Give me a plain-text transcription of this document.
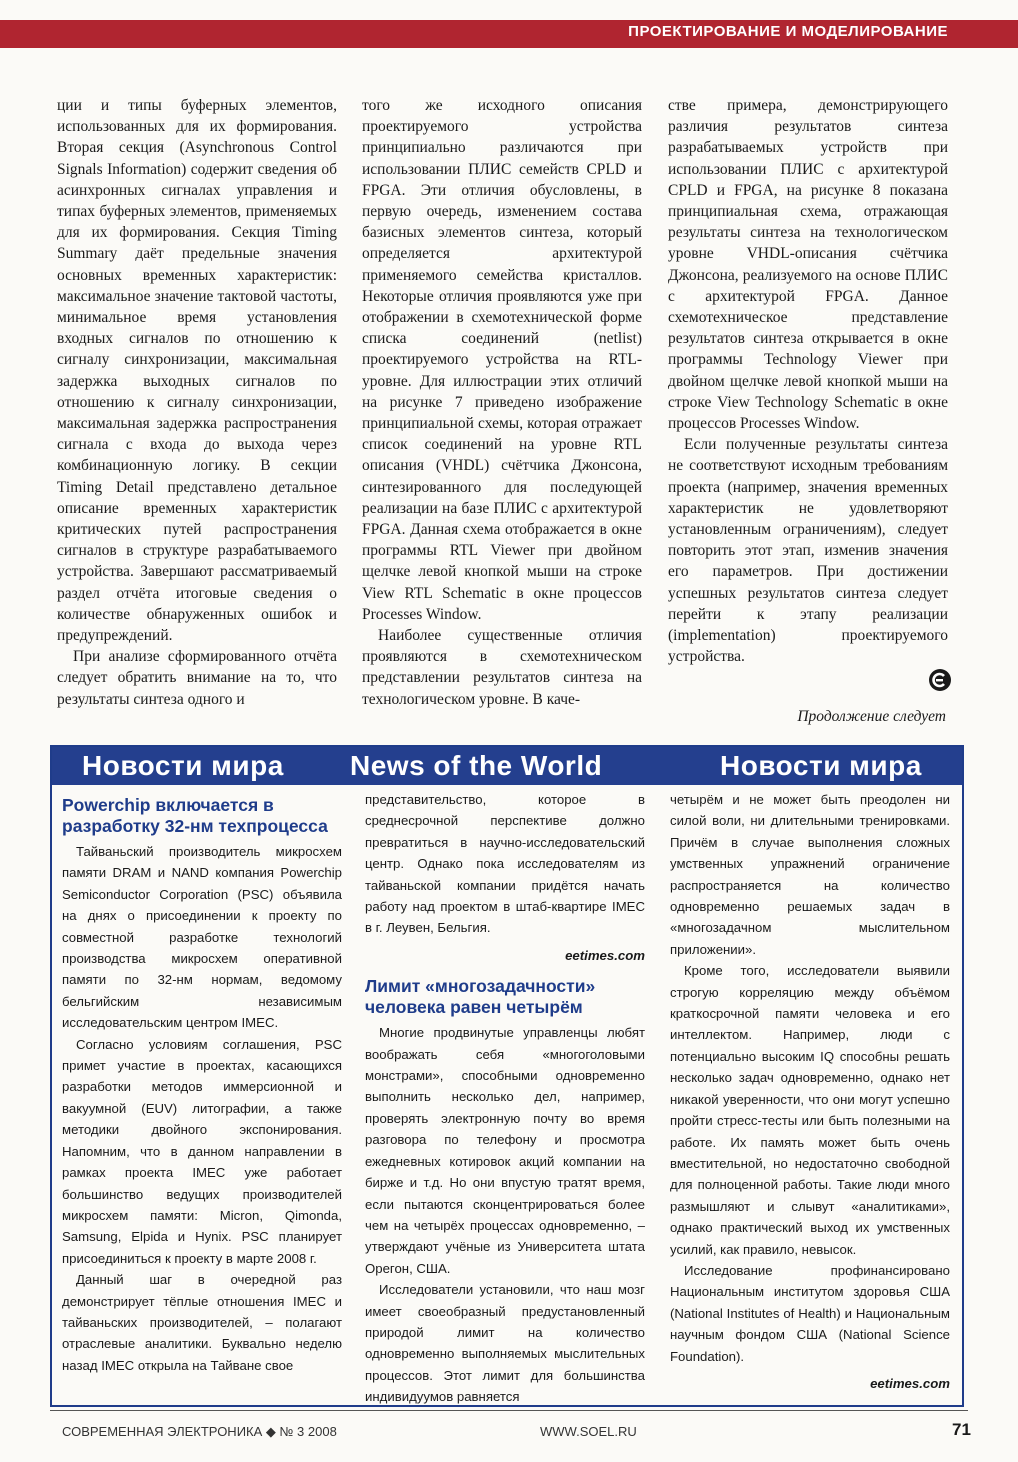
ПРОЕКТИРОВАНИЕ И МОДЕЛИРОВАНИЕ

ции и типы буферных элементов, использованных для их формирования. Вторая секция (Asynchronous Control Signals Information) содержит сведения об асинхронных сигналах управления и типах буферных элементов, применяемых для их формирования. Секция Timing Summary даёт предельные значения основных временных характеристик: максимальное значение тактовой частоты, минимальное время установления входных сигналов по отношению к сигналу синхронизации, максимальная задержка выходных сигналов по отношению к сигналу синхронизации, максимальная задержка распространения сигнала с входа до выхода через комбинационную логику. В секции Timing Detail представлено детальное описание временных характеристик критических путей распространения сигналов в структуре разрабатываемого устройства. Завершают рассматриваемый раздел отчёта итоговые сведения о количестве обнаруженных ошибок и предупреждений.

При анализе сформированного отчёта следует обратить внимание на то, что результаты синтеза одного и

того же исходного описания проектируемого устройства принципиально различаются при использовании ПЛИС семейств CPLD и FPGA. Эти отличия обусловлены, в первую очередь, изменением состава базисных элементов синтеза, который определяется архитектурой применяемого семейства кристаллов. Некоторые отличия проявляются уже при отображении в схемотехнической форме списка соединений (netlist) проектируемого устройства на RTL-уровне. Для иллюстрации этих отличий на рисунке 7 приведено изображение принципиальной схемы, которая отражает список соединений на уровне RTL описания (VHDL) счётчика Джонсона, синтезированного для последующей реализации на базе ПЛИС с архитектурой FPGA. Данная схема отображается в окне программы RTL Viewer при двойном щелчке левой кнопкой мыши на строке View RTL Schematic в окне процессов Processes Window.

Наиболее существенные отличия проявляются в схемотехническом представлении результатов синтеза на технологическом уровне. В каче-

стве примера, демонстрирующего различия результатов синтеза разрабатываемых устройств при использовании ПЛИС с архитектурой CPLD и FPGA, на рисунке 8 показана принципиальная схема, отражающая результаты синтеза на технологическом уровне VHDL-описания счётчика Джонсона, реализуемого на основе ПЛИС с архитектурой FPGA. Данное схемотехническое представление результатов синтеза открывается в окне программы Technology Viewer при двойном щелчке левой кнопкой мыши на строке View Technology Schematic в окне процессов Processes Window.

Если полученные результаты синтеза не соответствуют исходным требованиям проекта (например, значения временных характеристик не удовлетворяют установленным ограничениям), следует повторить этот этап, изменив значения его параметров. При достижении успешных результатов синтеза следует перейти к этапу реализации (implementation) проектируемого устройства.

Продолжение следует
Новости мира News of the World	Новости мира

Powerchip включается в разработку 32-нм техпроцесса

Тайваньский производитель микросхем памяти DRAM и NAND компания Powerchip Semiconductor Corporation (PSC) объявила на днях о присоединении к проекту по совместной разработке технологий производства микросхем оперативной памяти по 32-нм нормам, ведомому бельгийским независимым исследовательским центром IMEC.

Согласно условиям соглашения, PSC примет участие в проектах, касающихся разработки методов иммерсионной и вакуумной (EUV) литографии, а также методики двойного экспонирования. Напомним, что в данном направлении в рамках проекта IMEC уже работает большинство ведущих производителей микросхем памяти: Micron, Qimonda, Samsung, Elpida и Hynix. PSC планирует присоединиться к проекту в марте 2008 г.

Данный шаг в очередной раз демонстрирует тёплые отношения IMEC и тайваньских производителей, – полагают отраслевые аналитики. Буквально неделю назад IMEC открыла на Тайване свое

представительство, которое в среднесрочной перспективе должно превратиться в научно-исследовательский центр. Однако пока исследователям из тайваньской компании придётся начать работу над проектом в штаб-квартире IMEC в г. Леувен, Бельгия.

eetimes.com

Лимит «многозадачности» человека равен четырём

Многие продвинутые управленцы любят воображать себя «многоголовыми монстрами», способными одновременно выполнить несколько дел, например, проверять электронную почту во время разговора по телефону и просмотра ежедневных котировок акций компании на бирже и т.д. Но они впустую тратят время, если пытаются сконцентрироваться более чем на четырёх процессах одновременно, – утверждают учёные из Университета штата Орегон, США.

Исследователи установили, что наш мозг имеет своеобразный предустановленный природой лимит на количество одновременно выполняемых мыслительных процессов. Этот лимит для большинства индивидуумов равняется

четырём и не может быть преодолен ни силой воли, ни длительными тренировками. Причём в случае выполнения сложных умственных упражнений ограничение распространяется на количество одновременно решаемых задач в «многозадачном мыслительном приложении».

Кроме того, исследователи выявили строгую корреляцию между объёмом краткосрочной памяти человека и его интеллектом. Например, люди с потенциально высоким IQ способны решать несколько задач одновременно, однако нет никакой уверенности, что они могут успешно пройти стресс-тесты или быть полезными на работе. Их память может быть очень вместительной, но недостаточно свободной для полноценной работы. Такие люди много размышляют и слывут «аналитиками», однако практический выход их умственных усилий, как правило, невысок.

Исследование профинансировано Национальным институтом здоровья США (National Institutes of Health) и Национальным научным фондом США (National Science Foundation).

eetimes.com

СОВРЕМЕННАЯ ЭЛЕКТРОНИКА ◆ № 3 2008	WWW.SOEL.RU	71
